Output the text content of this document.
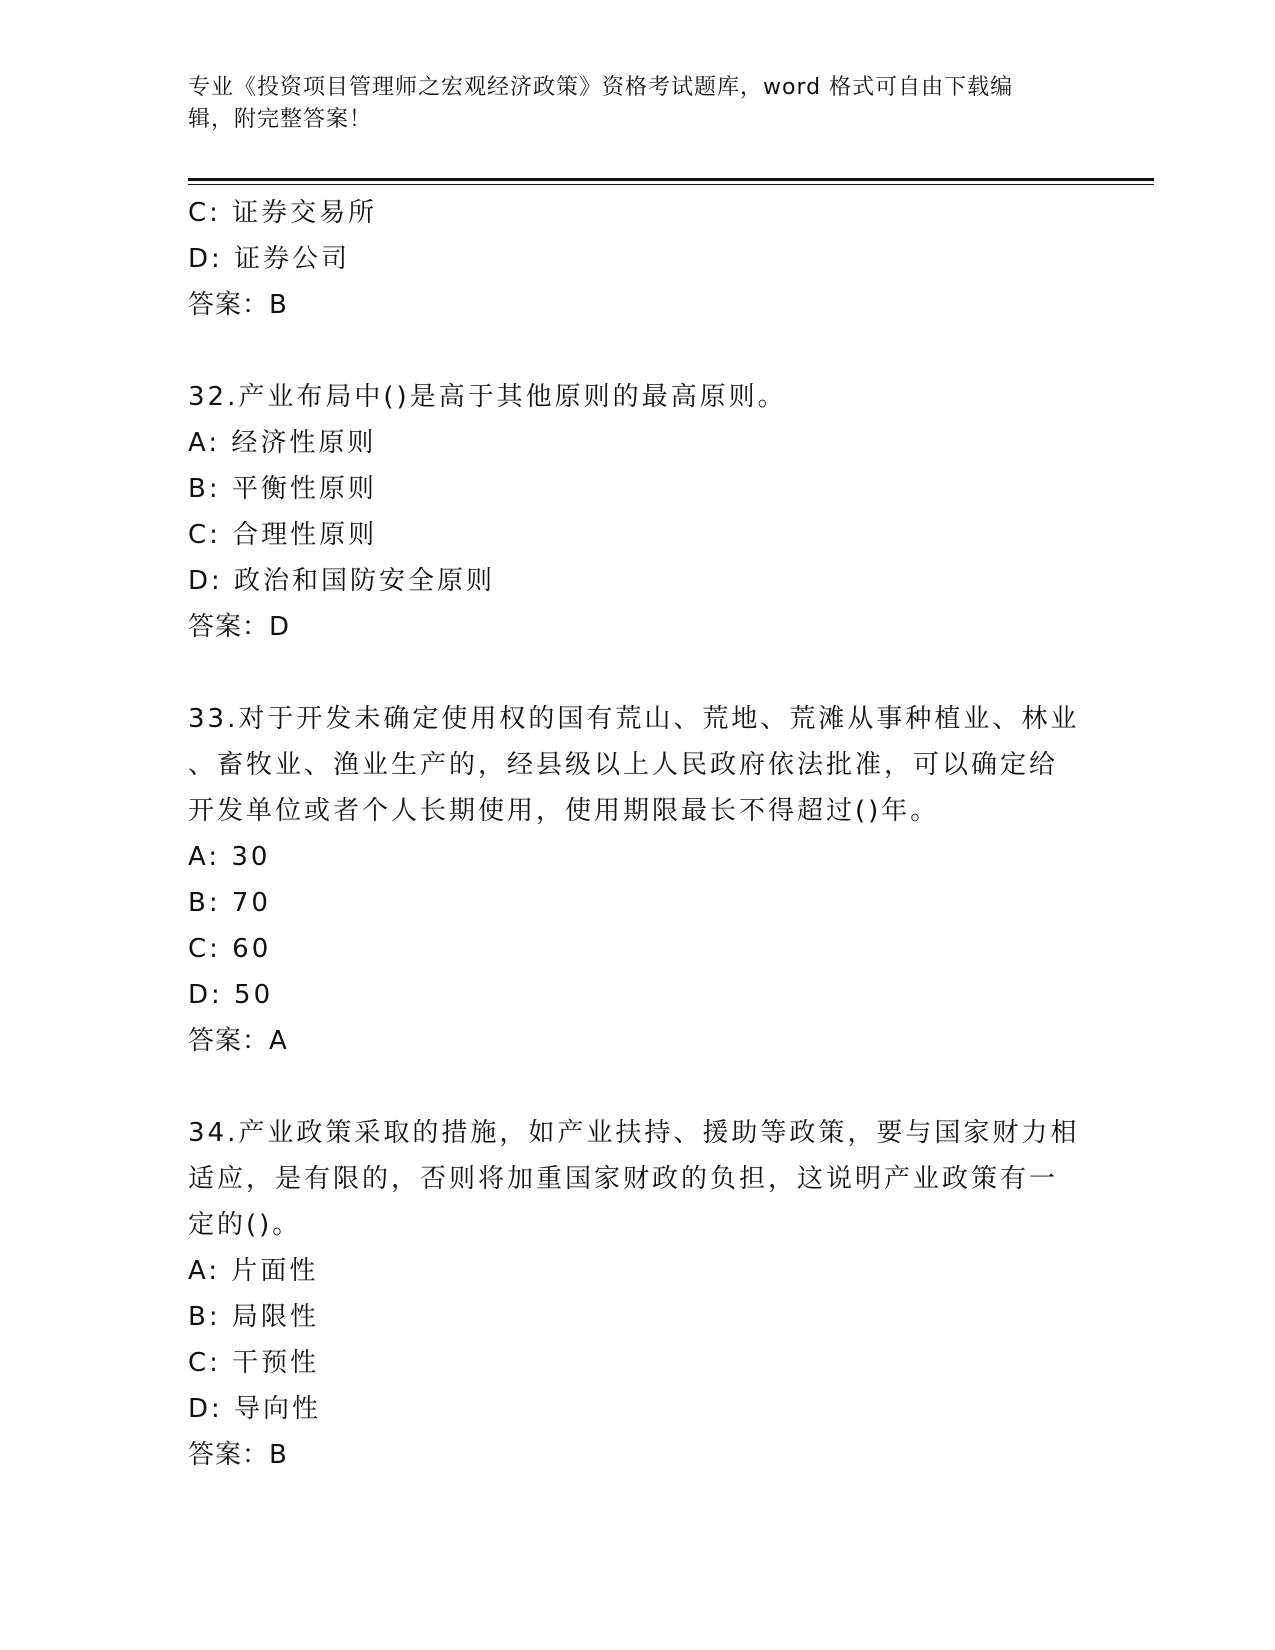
专业《投资项目管理师之宏观经济政策》资格考试题库，word 格式可自由下载编
辑，附完整答案！
C: 证券交易所
D: 证券公司
答案：B
32.产业布局中()是高于其他原则的最高原则。
A: 经济性原则
B: 平衡性原则
C: 合理性原则
D: 政治和国防安全原则
答案：D
33.对于开发未确定使用权的国有荒山、荒地、荒滩从事种植业、林业
、畜牧业、渔业生产的，经县级以上人民政府依法批准，可以确定给
开发单位或者个人长期使用，使用期限最长不得超过()年。
A: 30
B: 70
C: 60
D: 50
答案：A
34.产业政策采取的措施，如产业扶持、援助等政策，要与国家财力相
适应，是有限的，否则将加重国家财政的负担，这说明产业政策有一
定的()。
A: 片面性
B: 局限性
C: 干预性
D: 导向性
答案：B
